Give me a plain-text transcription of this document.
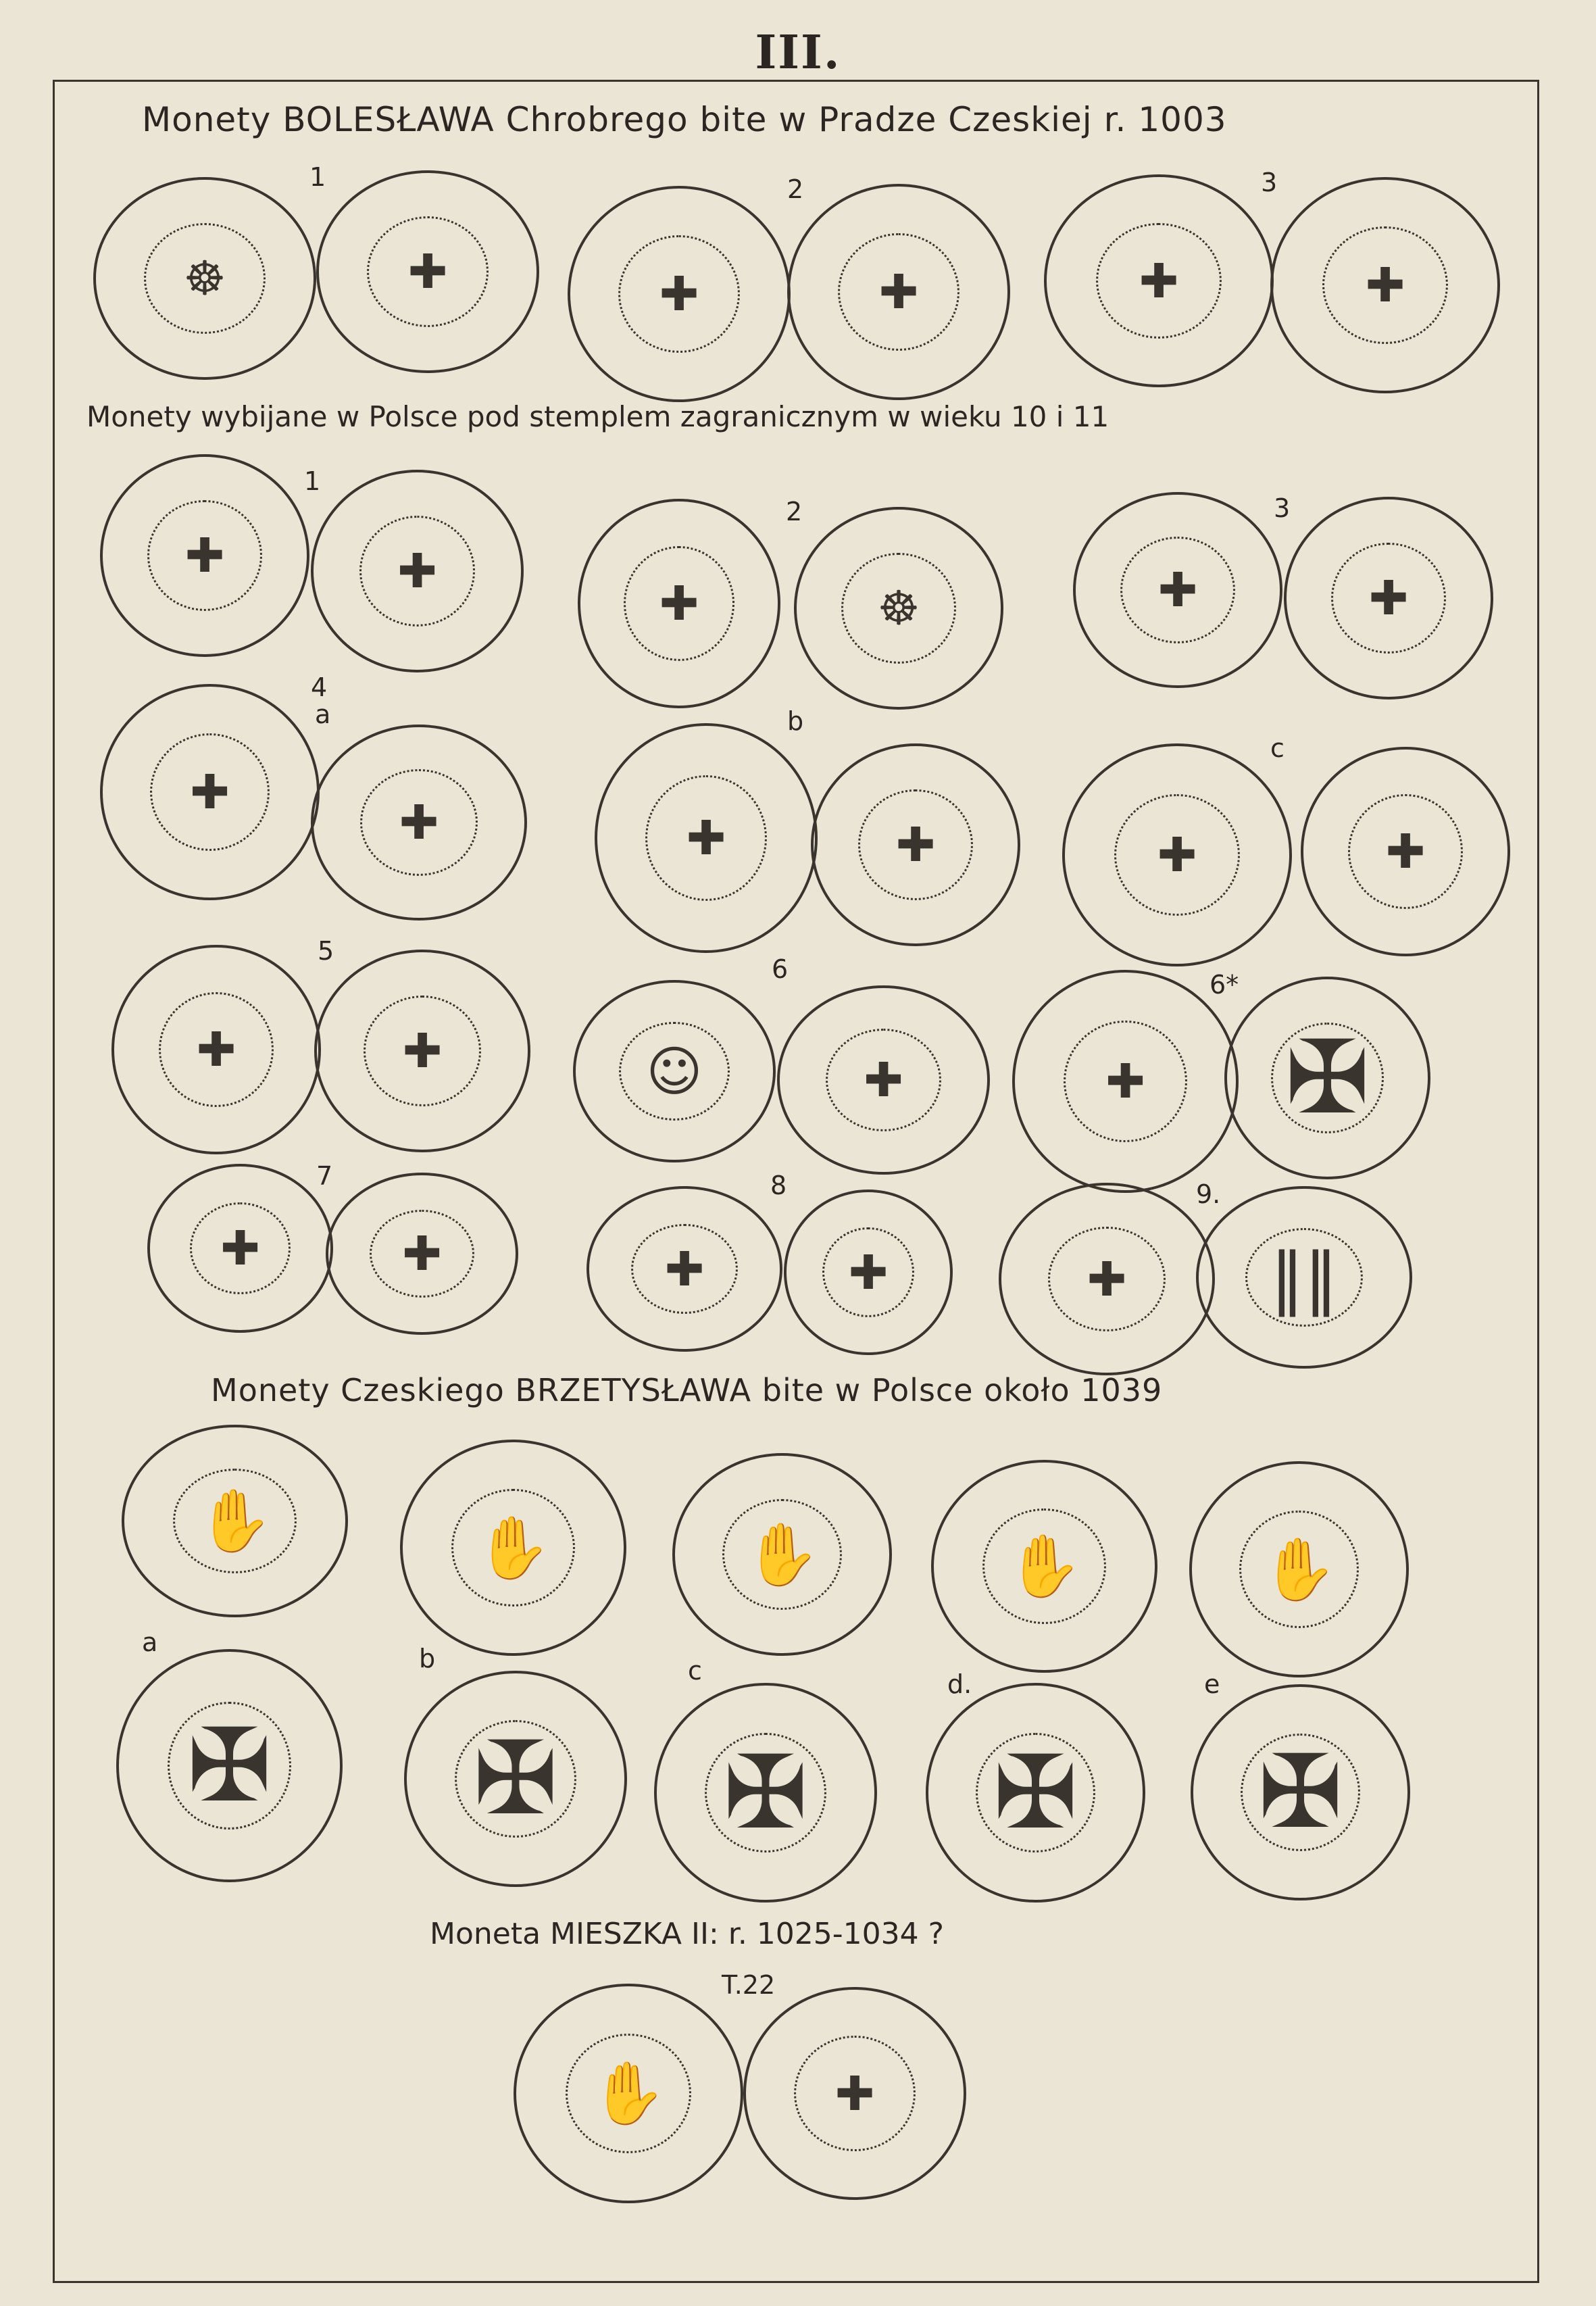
III.
Monety BOLESŁAWA Chrobrego bite w Pradze Czeskiej r. 1003
Monety wybijane w Polsce pod stemplem zagranicznym w wieku 10 i 11
Monety Czeskiego BRZETYSŁAWA bite w Polsce około 1039
Moneta MIESZKA II: r. 1025-1034 ?
1	2	3
☸
✚
✚
✚
✚
✚
1
2	3
✚
✚
✚
☸
✚
✚
4
a	b
c
✚
✚
✚
✚
✚
✚
5
6
6*
✚
✚
☺
✚
✚
✠
7	8	9.
✚
✚
✚
✚
✚
‖‖
✋
✋
✋
✋
✋
a
b	c	d.	e
✠
✠
✠
✠
✠
T.22
✋
✚
